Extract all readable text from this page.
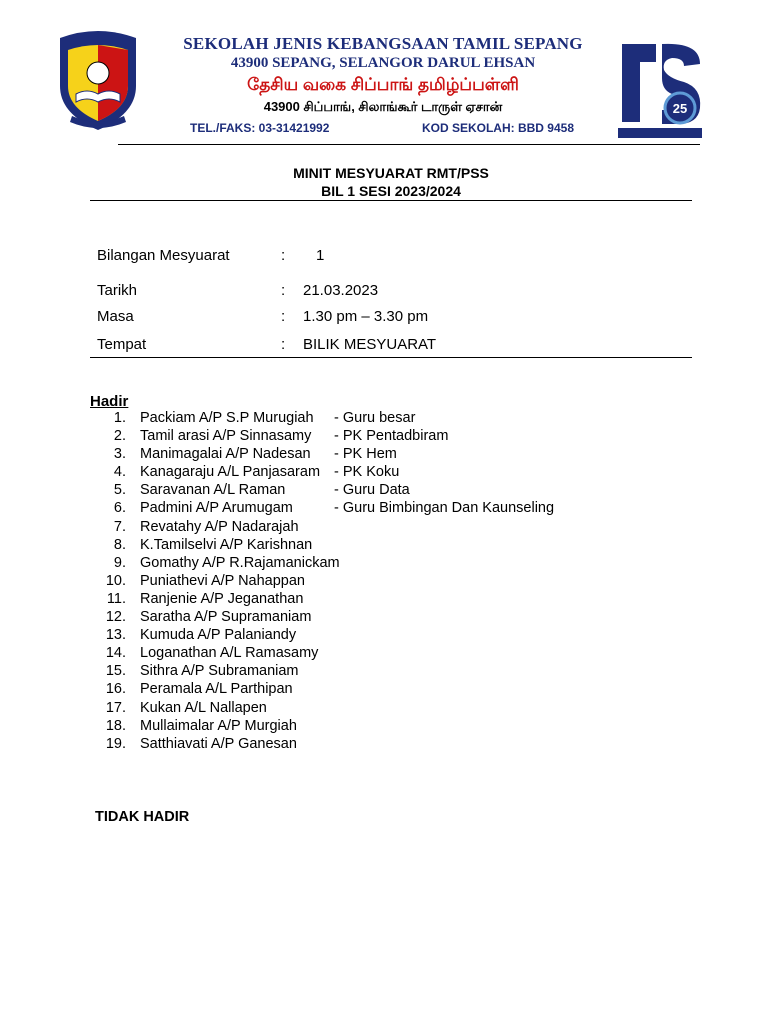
SEKOLAH JENIS KEBANGSAAN TAMIL SEPANG
43900 SEPANG, SELANGOR DARUL EHSAN
தேசிய வகை சிப்பாங் தமிழ்ப்பள்ளி
43900 சிப்பாங், சிலாங்கூர் டாருள் ஏசான்
TEL./FAKS: 03-31421992	KOD SEKOLAH: BBD 9458
25
MINIT MESYUARAT RMT/PSS
BIL 1 SESI 2023/2024
Bilangan Mesyuarat	: 1
Tarikh	: 21.03.2023
Masa	: 1.30 pm – 3.30 pm
Tempat	: BILIK MESYUARAT
Hadir
1. Packiam A/P S.P Murugiah - Guru besar
2. Tamil arasi A/P Sinnasamy - PK Pentadbiram
3. Manimagalai A/P Nadesan - PK Hem
4. Kanagaraju A/L Panjasaram - PK Koku
5. Saravanan A/L Raman	- Guru Data
6. Padmini A/P Arumugam	- Guru Bimbingan Dan Kaunseling
7. Revatahy A/P Nadarajah
8. K.Tamilselvi A/P Karishnan
9. Gomathy A/P R.Rajamanickam
10. Puniathevi A/P Nahappan
11. Ranjenie A/P Jeganathan
12. Saratha A/P Supramaniam
13. Kumuda A/P Palaniandy
14. Loganathan A/L Ramasamy
15. Sithra A/P Subramaniam
16. Peramala A/L Parthipan
17. Kukan A/L Nallapen
18. Mullaimalar A/P Murgiah
19. Satthiavati A/P Ganesan
TIDAK HADIR
